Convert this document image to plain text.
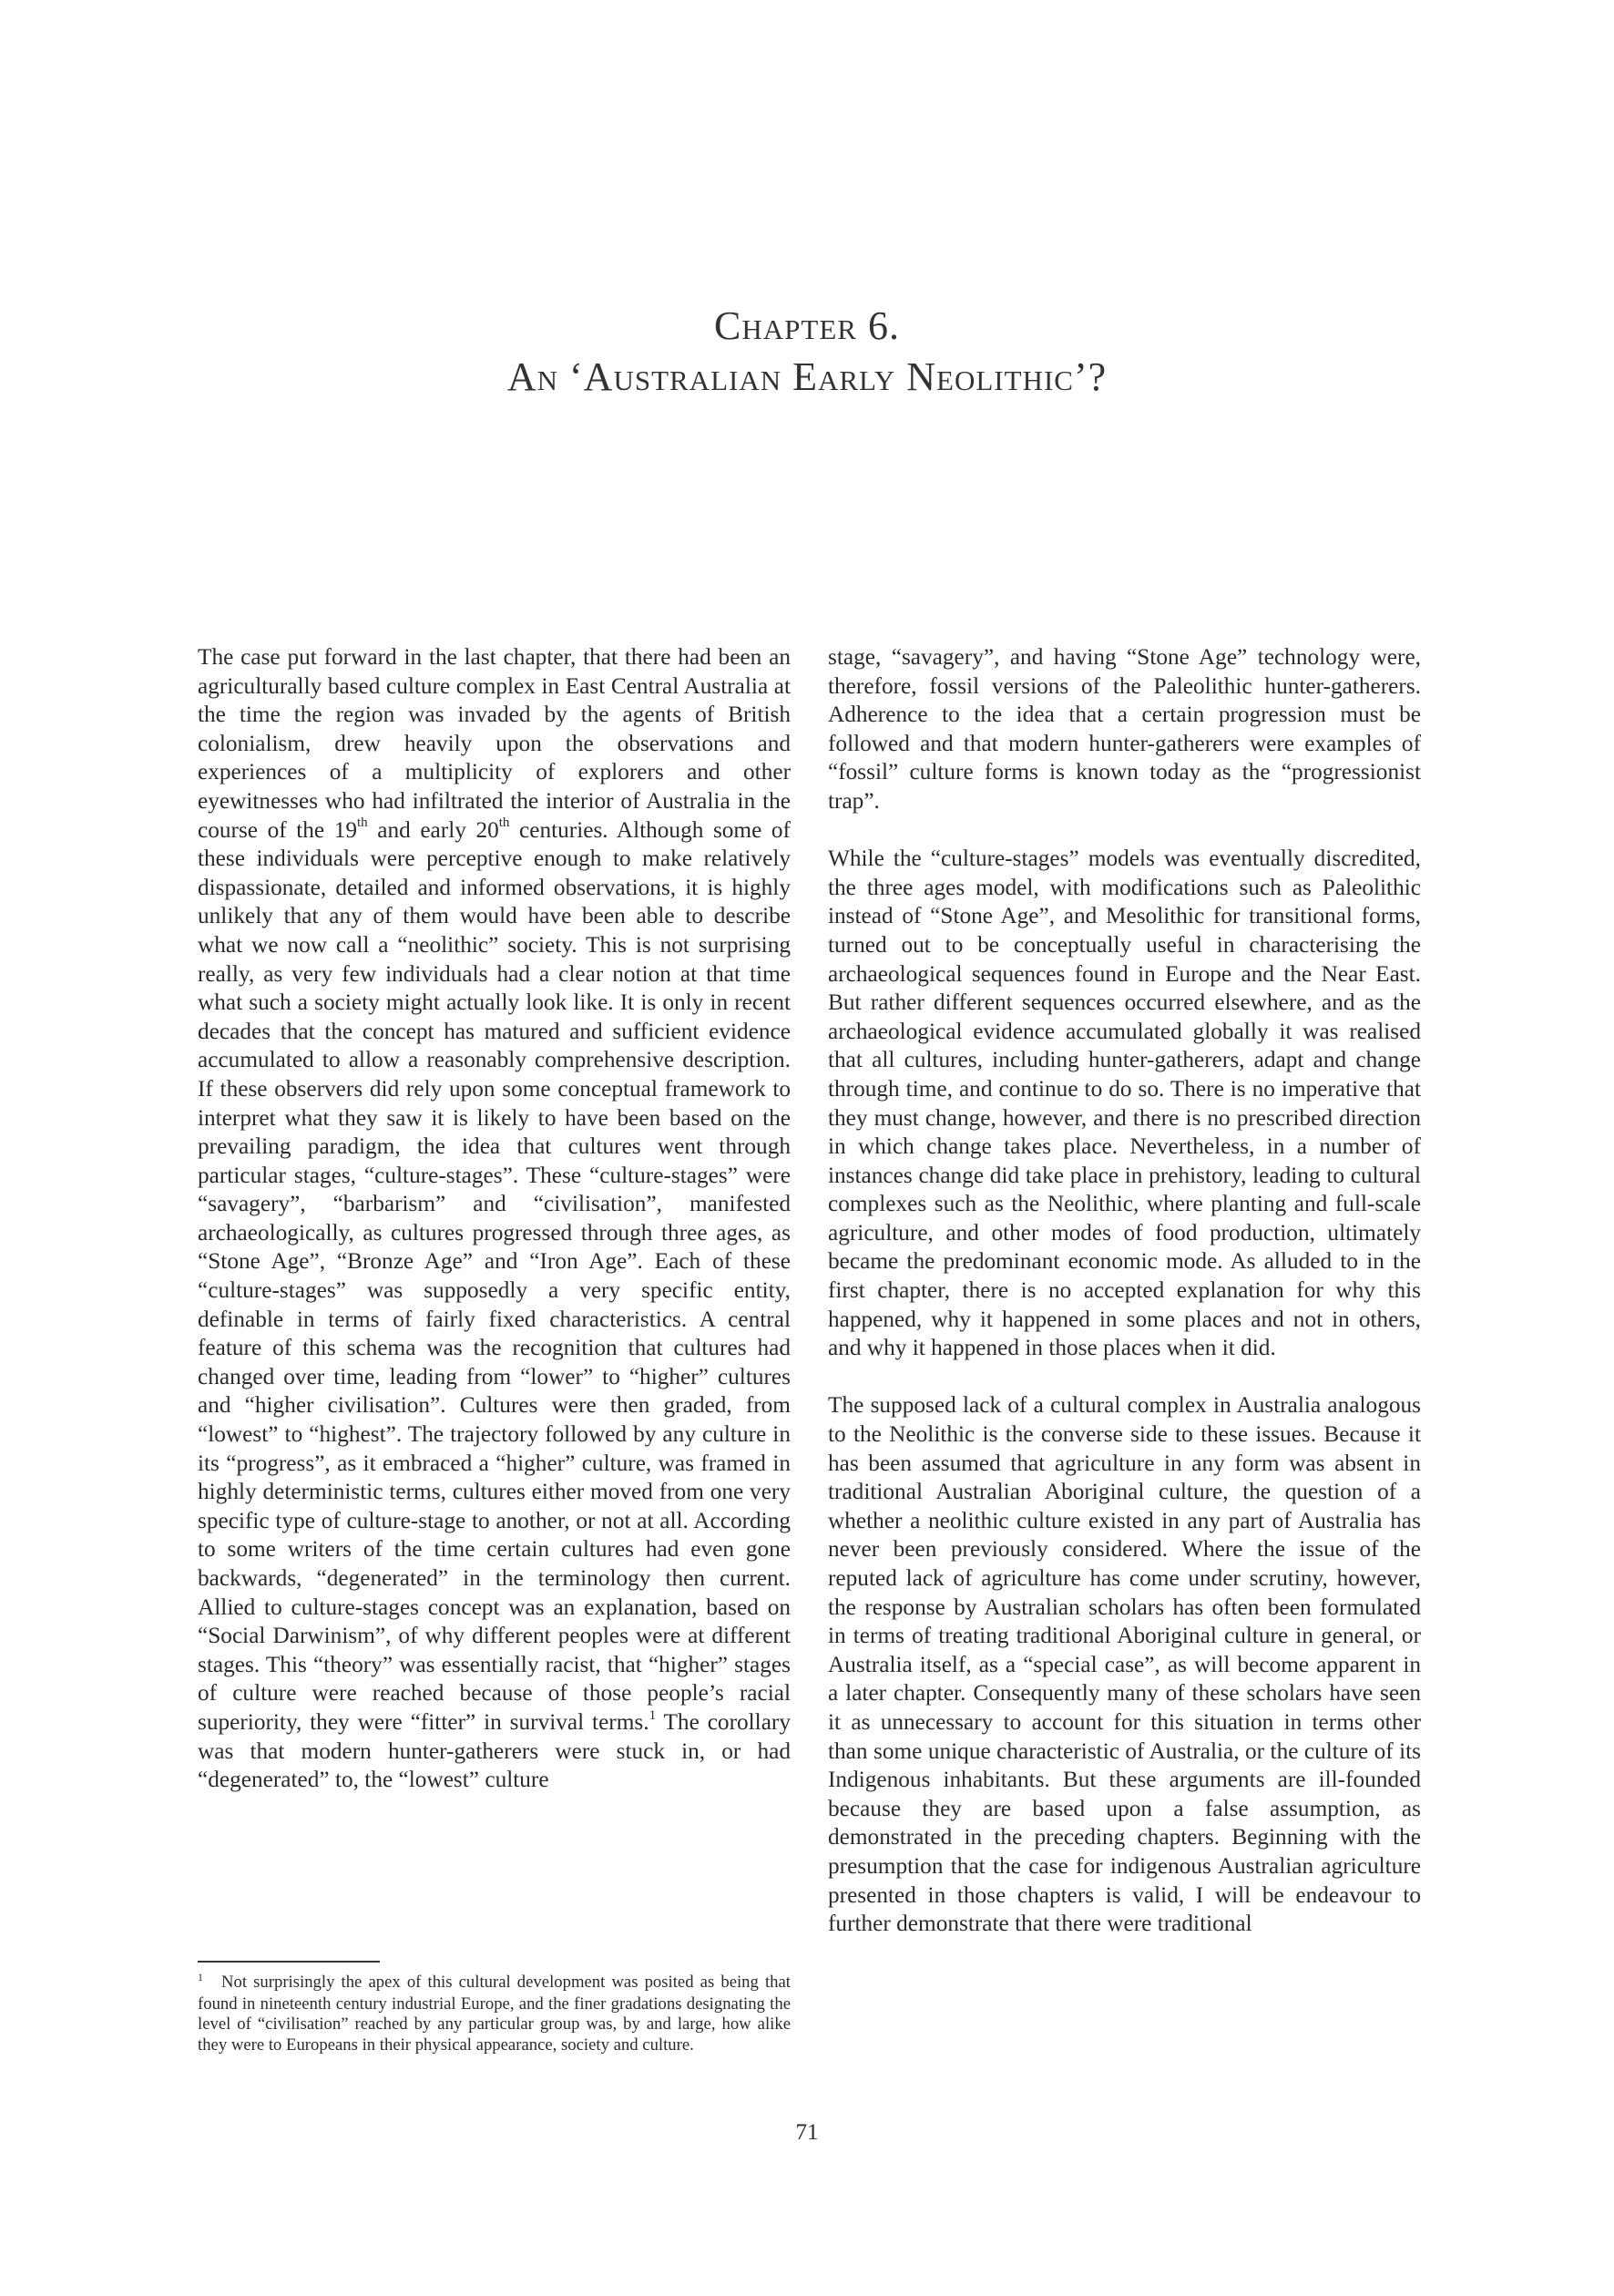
Chapter 6.
An ‘Australian Early Neolithic’?

The case put forward in the last chapter, that there had been an agriculturally based culture complex in East Central Australia at the time the region was invaded by the agents of British colonialism, drew heavily upon the observations and experiences of a multiplicity of explorers and other eyewitnesses who had infiltrated the interior of Australia in the course of the 19th and early 20th centuries. Although some of these individuals were perceptive enough to make relatively dispassionate, detailed and informed observations, it is highly unlikely that any of them would have been able to describe what we now call a “neolithic” society. This is not surprising really, as very few individuals had a clear notion at that time what such a society might actually look like. It is only in recent decades that the concept has matured and sufficient evidence accumulated to allow a reasonably comprehensive description. If these observers did rely upon some conceptual framework to interpret what they saw it is likely to have been based on the prevailing paradigm, the idea that cultures went through particular stages, “culture-stages”. These “culture-stages” were “savagery”, “barbarism” and “civilisation”, manifested archaeologically, as cultures progressed through three ages, as “Stone Age”, “Bronze Age” and “Iron Age”. Each of these “culture-stages” was supposedly a very specific entity, definable in terms of fairly fixed characteristics. A central feature of this schema was the recognition that cultures had changed over time, leading from “lower” to “higher” cultures and “higher civilisation”. Cultures were then graded, from “lowest” to “highest”. The trajectory followed by any culture in its “progress”, as it embraced a “higher” culture, was framed in highly deterministic terms, cultures either moved from one very specific type of culture-stage to another, or not at all. According to some writers of the time certain cultures had even gone backwards, “degenerated” in the terminology then current. Allied to culture-stages concept was an explanation, based on “Social Darwinism”, of why different peoples were at different stages. This “theory” was essentially racist, that “higher” stages of culture were reached because of those people’s racial superiority, they were “fitter” in survival terms.$^1$ The corollary was that modern hunter-gatherers were stuck in, or had “degenerated” to, the “lowest” culture

stage, “savagery”, and having “Stone Age” technology were, therefore, fossil versions of the Paleolithic hunter-gatherers. Adherence to the idea that a certain progression must be followed and that modern hunter-gatherers were examples of “fossil” culture forms is known today as the “progressionist trap”.

While the “culture-stages” models was eventually discredited, the three ages model, with modifications such as Paleolithic instead of “Stone Age”, and Mesolithic for transitional forms, turned out to be conceptually useful in characterising the archaeological sequences found in Europe and the Near East. But rather different sequences occurred elsewhere, and as the archaeological evidence accumulated globally it was realised that all cultures, including hunter-gatherers, adapt and change through time, and continue to do so. There is no imperative that they must change, however, and there is no prescribed direction in which change takes place. Nevertheless, in a number of instances change did take place in prehistory, leading to cultural complexes such as the Neolithic, where planting and full-scale agriculture, and other modes of food production, ultimately became the predominant economic mode. As alluded to in the first chapter, there is no accepted explanation for why this happened, why it happened in some places and not in others, and why it happened in those places when it did.

The supposed lack of a cultural complex in Australia analogous to the Neolithic is the converse side to these issues. Because it has been assumed that agriculture in any form was absent in traditional Australian Aboriginal culture, the question of a whether a neolithic culture existed in any part of Australia has never been previously considered. Where the issue of the reputed lack of agriculture has come under scrutiny, however, the response by Australian scholars has often been formulated in terms of treating traditional Aboriginal culture in general, or Australia itself, as a “special case”, as will become apparent in a later chapter. Consequently many of these scholars have seen it as unnecessary to account for this situation in terms other than some unique characteristic of Australia, or the culture of its Indigenous inhabitants. But these arguments are ill-founded because they are based upon a false assumption, as demonstrated in the preceding chapters. Beginning with the presumption that the case for indigenous Australian agriculture presented in those chapters is valid, I will be endeavour to further demonstrate that there were traditional

$^1$ Not surprisingly the apex of this cultural development was posited as being that found in nineteenth century industrial Europe, and the finer gradations designating the level of “civilisation” reached by any particular group was, by and large, how alike they were to Europeans in their physical appearance, society and culture.
71
